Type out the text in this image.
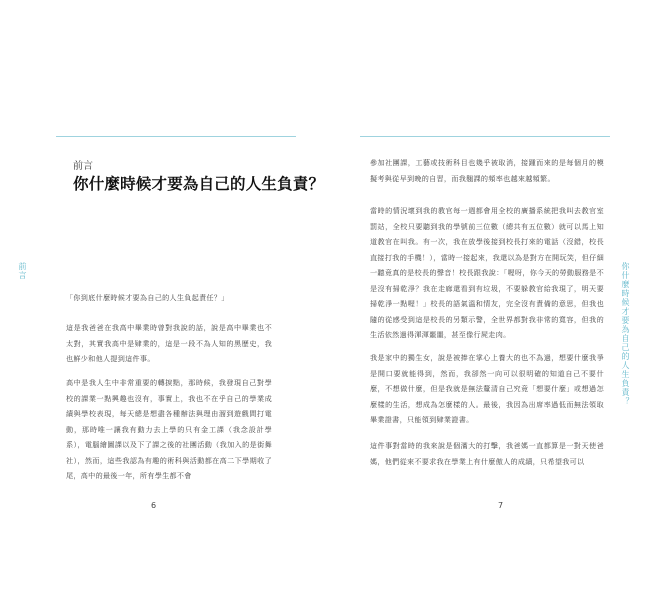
前言
前言
你什麼時候才要為自己的人生負責？

「你到底什麼時候才要為自己的人生負起責任？」

這是我爸爸在我高中畢業時曾對我說的話，說是高中畢業也不太對，其實我高中是肄業的，這是一段不為人知的黑歷史，我也鮮少和他人提到這件事。

高中是我人生中非常重要的轉捩點，那時候，我發現自己對學校的課業一點興趣也沒有，事實上，我也不在乎自己的學業成績與學校表現，每天總是想盡各種辦法與理由溜到遊戲間打電動，那時唯一讓我有動力去上學的只有金工課（我念設計學系），電腦繪圖課以及下了課之後的社團活動（我加入的是街舞社），然而，這些我認為有趣的術科與活動都在高二下學期收了尾，高中的最後一年，所有學生都不會

6

參加社團課，工藝或技術科目也幾乎被取消，接踵而來的是每個月的模擬考與從早到晚的自習，而我翹課的頻率也越來越頻繁。

當時的情況壞到我的教官每一週都會用全校的廣播系統把我叫去教官室罰站，全校只要聽到我的學號前三位數（總共有五位數）就可以馬上知道教官在叫我。有一次，我在放學後接到校長打來的電話（沒錯，校長直接打我的手機！），當時一接起來，我還以為是對方在開玩笑，但仔細一聽竟真的是校長的聲音！校長跟我說：「喔呀，你今天的勞動服務是不是沒有掃乾淨？我在走廊還看到有垃圾，不要躲教官給我現了，明天要掃乾淨一點喔！」校長的語氣溫和情友，完全沒有責備的意思，但我也隨的從感受到這是校長的另類示警，全世界都對我非常的寬容，但我的生活依然過得渾渾噩噩，甚至像行屍走肉。

我是家中的獨生女，說是被捧在掌心上養大的也不為過，想要什麼我爭是開口要就能得到，然而，我卻然一向可以很明確的知道自己不要什麼，不想做什麼，但是我就是無法釐清自己究竟「想要什麼」或想過怎麼樣的生活，想成為怎麼樣的人。最後，我因為出席率過低而無法領取畢業證書，只能領到肄業證書。

這件事對當時的我來說是個滿大的打擊，我爸媽一直都算是一對天使爸媽，他們從來不要求我在學業上有什麼傲人的成績，只希望我可以

7
你什麼時候才要為自己的人生負責？
